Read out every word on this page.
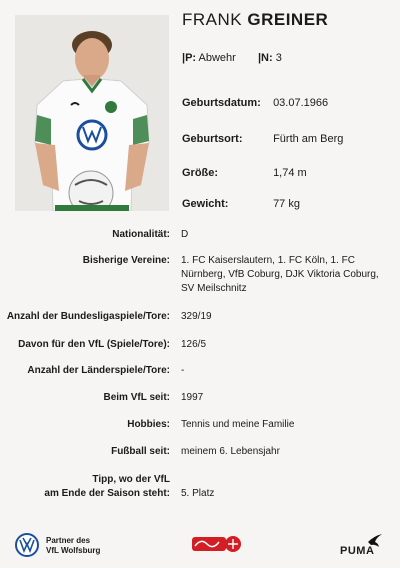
FRANK GREINER
|P: Abwehr |N: 3
Geburtsdatum: 03.07.1966
Geburtsort:	Fürth am Berg
Größe:	1,74 m
Gewicht:	77 kg
Nationalität: D
Bisherige Vereine: 1. FC Kaiserslautern, 1. FC Köln, 1. FC Nürnberg, VfB Coburg, DJK Viktoria Coburg, SV Meilschnitz
Anzahl der Bundesligaspiele/Tore: 329/19
Davon für den VfL (Spiele/Tore): 126/5
Anzahl der Länderspiele/Tore: -
Beim VfL seit: 1997
Hobbies: Tennis und meine Familie
Fußball seit: meinem 6. Lebensjahr
Tipp, wo der VfL
am Ende der Saison steht: 5. Platz
Partner des
VfL Wolfsburg	PUMA
